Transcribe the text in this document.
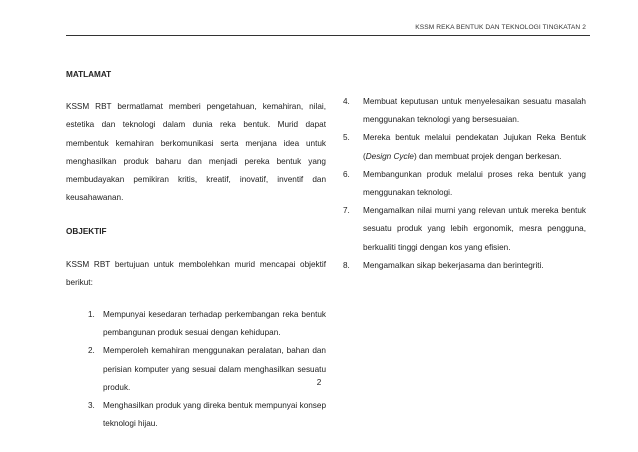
KSSM REKA BENTUK DAN TEKNOLOGI TINGKATAN 2

MATLAMAT

KSSM RBT bermatlamat memberi pengetahuan, kemahiran, nilai, estetika dan teknologi dalam dunia reka bentuk. Murid dapat membentuk kemahiran berkomunikasi serta menjana idea untuk menghasilkan produk baharu dan menjadi pereka bentuk yang membudayakan pemikiran kritis, kreatif, inovatif, inventif dan keusahawanan.

OBJEKTIF

KSSM RBT bertujuan untuk membolehkan murid mencapai objektif berikut:

1. Mempunyai kesedaran terhadap perkembangan reka bentuk pembangunan produk sesuai dengan kehidupan.
2. Memperoleh kemahiran menggunakan peralatan, bahan dan perisian komputer yang sesuai dalam menghasilkan sesuatu produk.
3. Menghasilkan produk yang direka bentuk mempunyai konsep teknologi hijau.
4. Membuat keputusan untuk menyelesaikan sesuatu masalah menggunakan teknologi yang bersesuaian.
5. Mereka bentuk melalui pendekatan Jujukan Reka Bentuk (Design Cycle) dan membuat projek dengan berkesan.
6. Membangunkan produk melalui proses reka bentuk yang menggunakan teknologi.
7. Mengamalkan nilai murni yang relevan untuk mereka bentuk sesuatu produk yang lebih ergonomik, mesra pengguna, berkualiti tinggi dengan kos yang efisien.
8. Mengamalkan sikap bekerjasama dan berintegriti.
2
